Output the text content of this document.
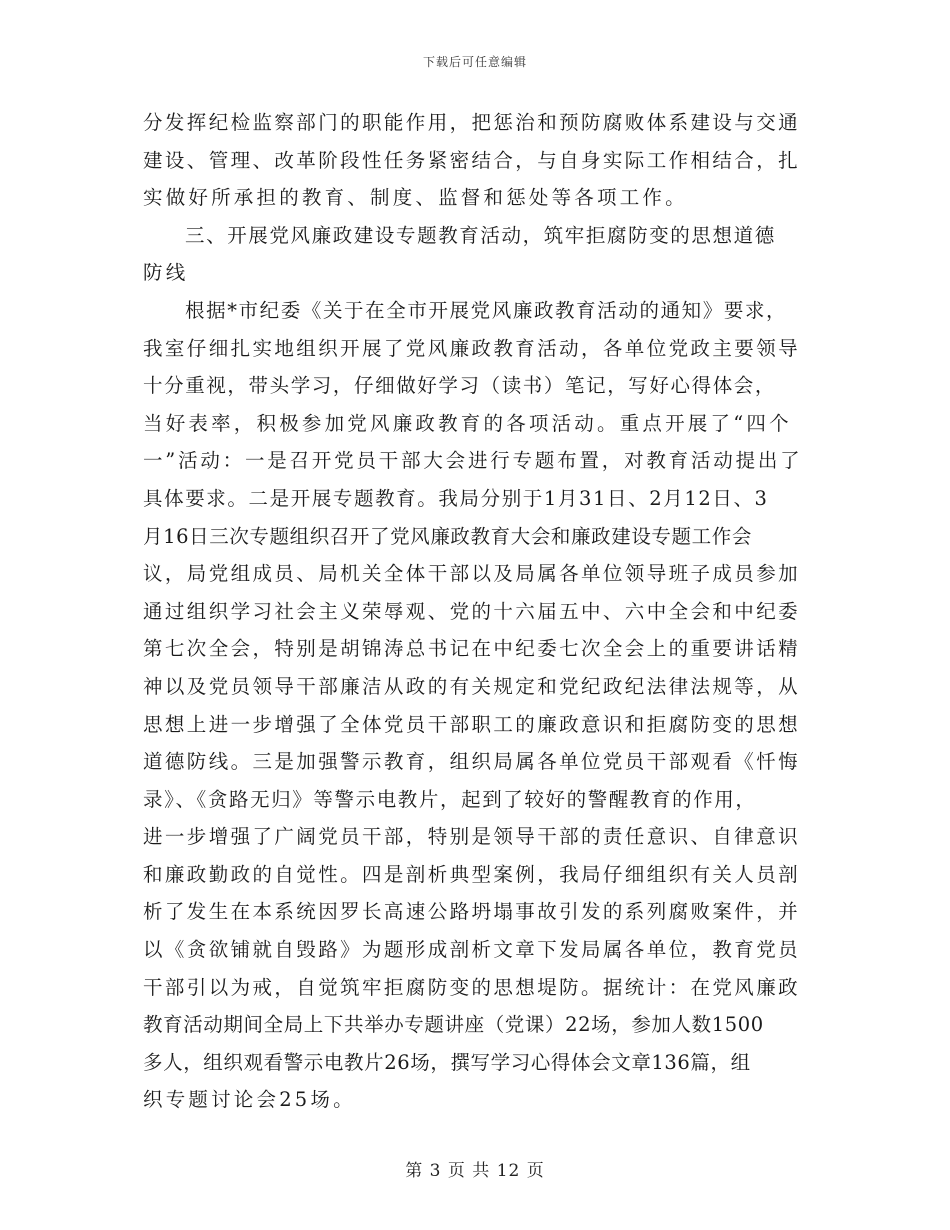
下载后可任意编辑
分发挥纪检监察部门的职能作用，把惩治和预防腐败体系建设与交通
建设、管理、改革阶段性任务紧密结合，与自身实际工作相结合，扎
实做好所承担的教育、制度、监督和惩处等各项工作。
三、开展党风廉政建设专题教育活动，筑牢拒腐防变的思想道德
防线
根据*市纪委《关于在全市开展党风廉政教育活动的通知》要求，
我室仔细扎实地组织开展了党风廉政教育活动，各单位党政主要领导
十分重视，带头学习，仔细做好学习（读书）笔记，写好心得体会，
当好表率，积极参加党风廉政教育的各项活动。重点开展了“四个
一”活动：一是召开党员干部大会进行专题布置，对教育活动提出了
具体要求。二是开展专题教育。我局分别于1月31日、2月12日、3
月16日三次专题组织召开了党风廉政教育大会和廉政建设专题工作会
议，局党组成员、局机关全体干部以及局属各单位领导班子成员参加
通过组织学习社会主义荣辱观、党的十六届五中、六中全会和中纪委
第七次全会，特别是胡锦涛总书记在中纪委七次全会上的重要讲话精
神以及党员领导干部廉洁从政的有关规定和党纪政纪法律法规等，从
思想上进一步增强了全体党员干部职工的廉政意识和拒腐防变的思想
道德防线。三是加强警示教育，组织局属各单位党员干部观看《忏悔
录》、《贪路无归》等警示电教片，起到了较好的警醒教育的作用，
进一步增强了广阔党员干部，特别是领导干部的责任意识、自律意识
和廉政勤政的自觉性。四是剖析典型案例，我局仔细组织有关人员剖
析了发生在本系统因罗长高速公路坍塌事故引发的系列腐败案件，并
以《贪欲铺就自毁路》为题形成剖析文章下发局属各单位，教育党员
干部引以为戒，自觉筑牢拒腐防变的思想堤防。据统计：在党风廉政
教育活动期间全局上下共举办专题讲座（党课）22场，参加人数1500
多人，组织观看警示电教片26场，撰写学习心得体会文章136篇，组
织专题讨论会25场。
第 3 页 共 12 页
